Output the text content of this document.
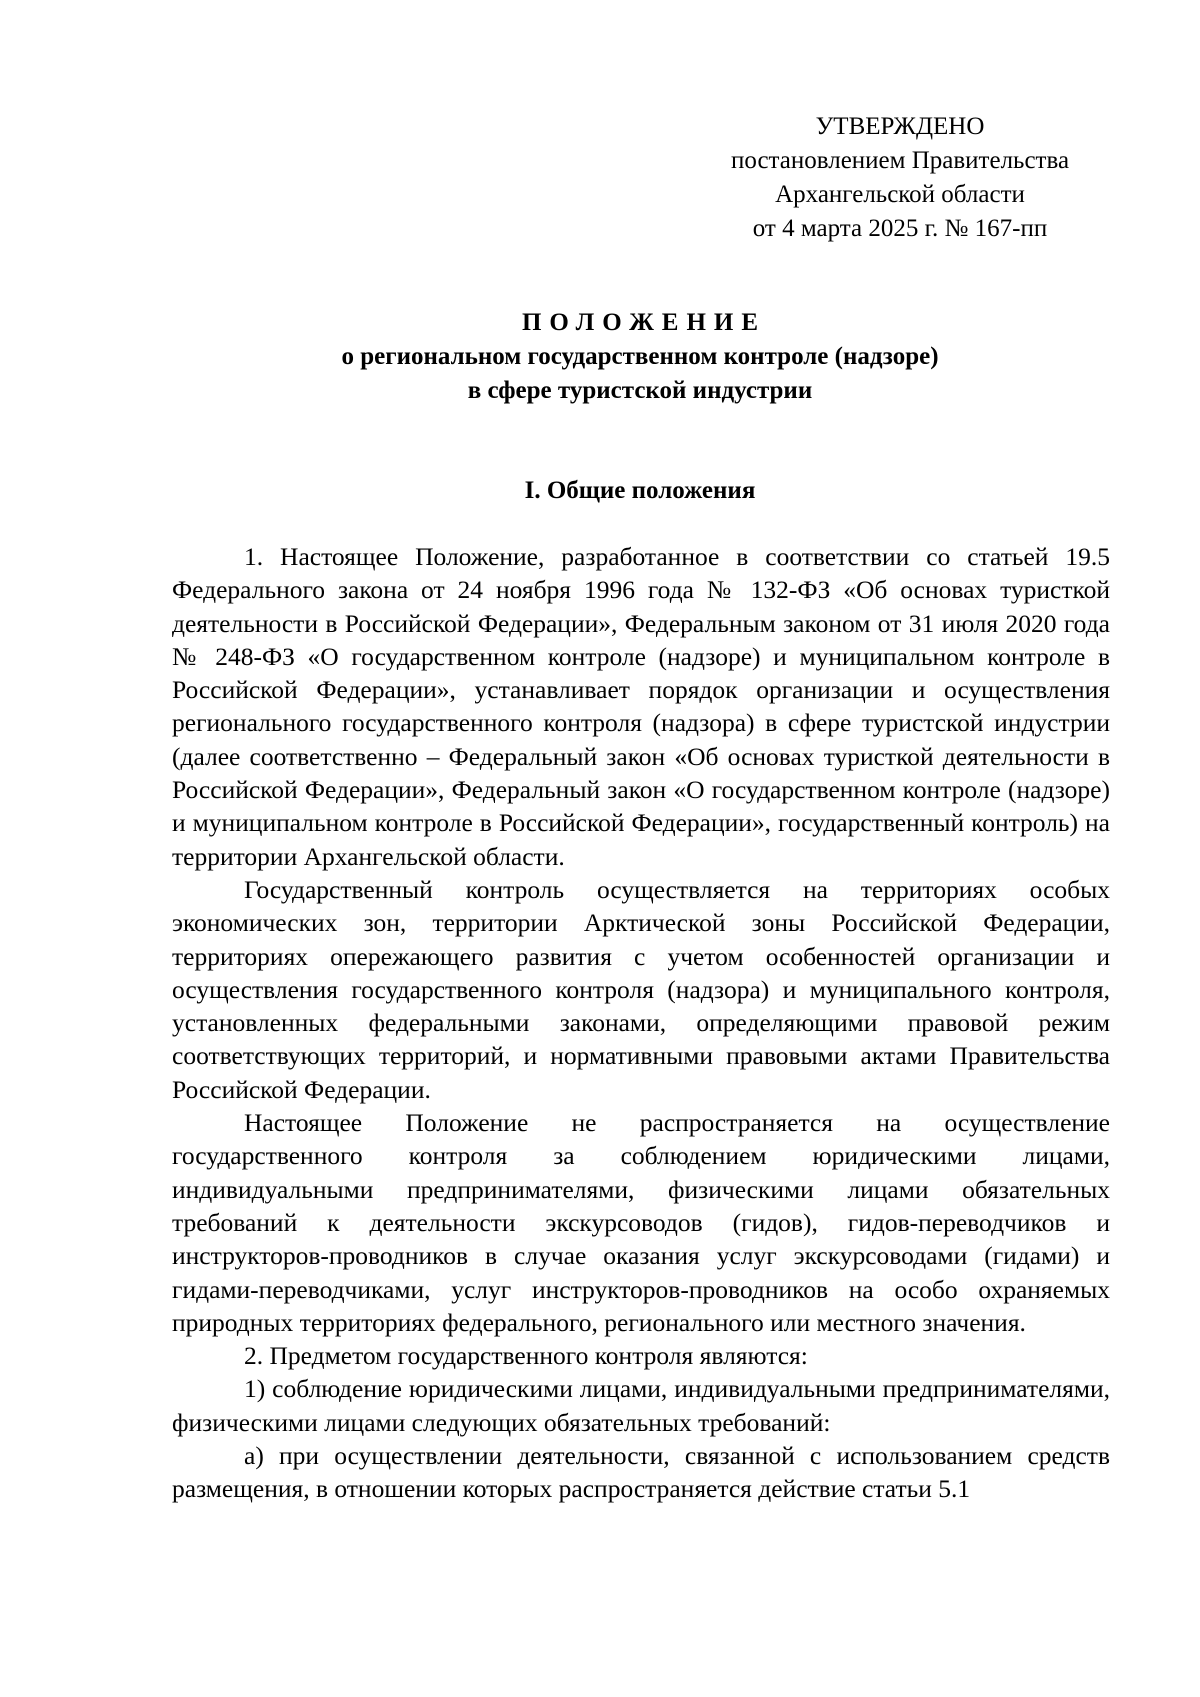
УТВЕРЖДЕНО
постановлением Правительства
Архангельской области
от 4 марта 2025 г. № 167-пп
ПОЛОЖЕНИЕ
о региональном государственном контроле (надзоре)
в сфере туристской индустрии
I. Общие положения

1. Настоящее Положение, разработанное в соответствии со статьей 19.5 Федерального закона от 24 ноября 1996 года № 132-ФЗ «Об основах туристкой деятельности в Российской Федерации», Федеральным законом от 31 июля 2020 года № 248-ФЗ «О государственном контроле (надзоре) и муниципальном контроле в Российской Федерации», устанавливает порядок организации и осуществления регионального государственного контроля (надзора) в сфере туристской индустрии (далее соответственно – Федеральный закон «Об основах туристкой деятельности в Российской Федерации», Федеральный закон «О государственном контроле (надзоре) и муниципальном контроле в Российской Федерации», государственный контроль) на территории Архангельской области.

Государственный контроль осуществляется на территориях особых экономических зон, территории Арктической зоны Российской Федерации, территориях опережающего развития с учетом особенностей организации и осуществления государственного контроля (надзора) и муниципального контроля, установленных федеральными законами, определяющими правовой режим соответствующих территорий, и нормативными правовыми актами Правительства Российской Федерации.

Настоящее Положение не распространяется на осуществление государственного контроля за соблюдением юридическими лицами, индивидуальными предпринимателями, физическими лицами обязательных требований к деятельности экскурсоводов (гидов), гидов-переводчиков и инструкторов-проводников в случае оказания услуг экскурсоводами (гидами) и гидами-переводчиками, услуг инструкторов-проводников на особо охраняемых природных территориях федерального, регионального или местного значения.

2. Предметом государственного контроля являются:

1) соблюдение юридическими лицами, индивидуальными предпринимателями, физическими лицами следующих обязательных требований:

а) при осуществлении деятельности, связанной с использованием средств размещения, в отношении которых распространяется действие статьи 5.1
